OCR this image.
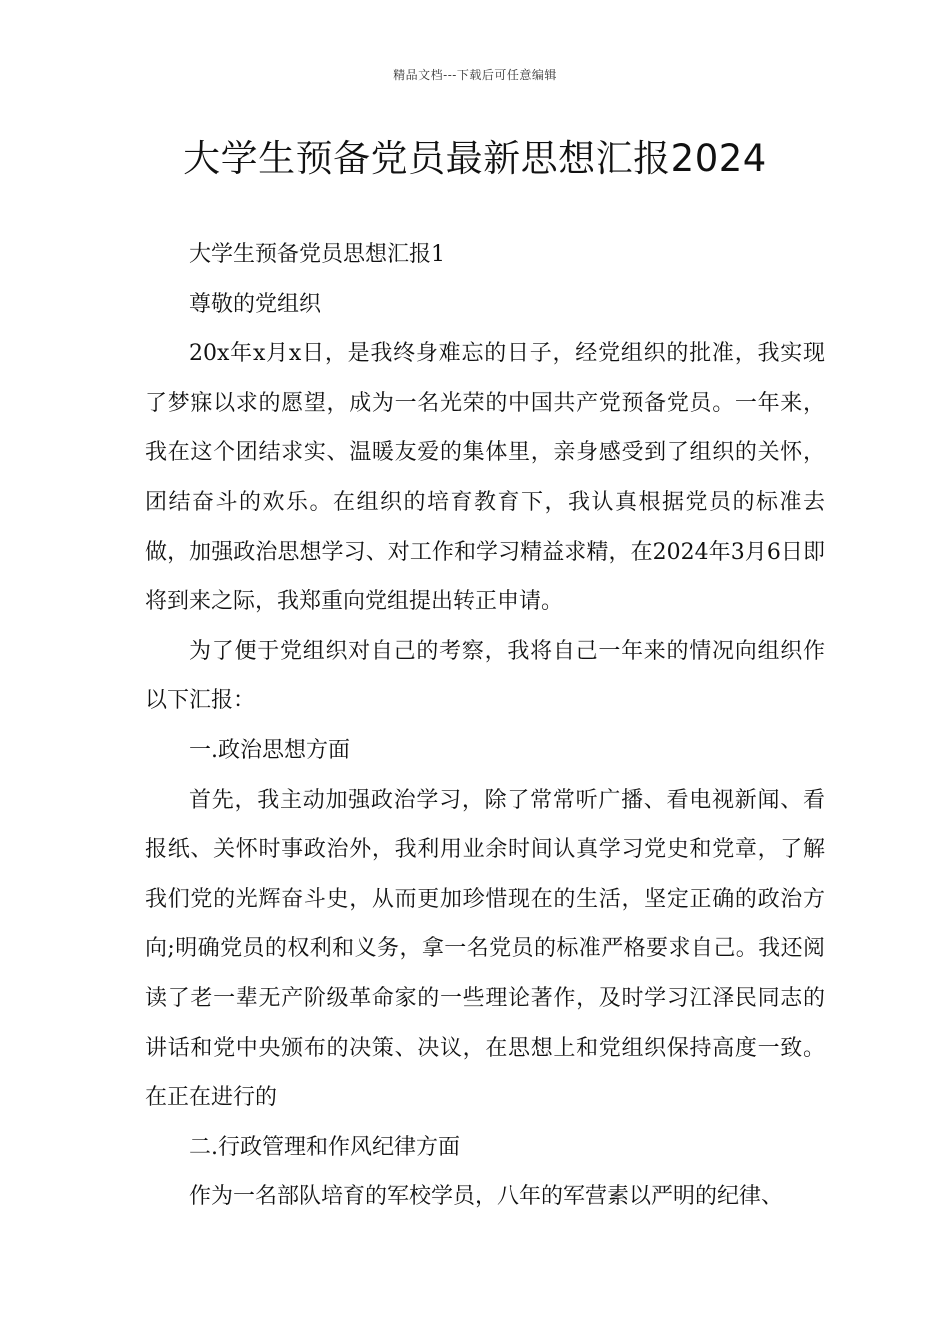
精品文档---下载后可任意编辑
大学生预备党员最新思想汇报2024

大学生预备党员思想汇报1

尊敬的党组织

20x年x月x日，是我终身难忘的日子，经党组织的批准，我实现了梦寐以求的愿望，成为一名光荣的中国共产党预备党员。一年来，我在这个团结求实、温暖友爱的集体里，亲身感受到了组织的关怀，团结奋斗的欢乐。在组织的培育教育下，我认真根据党员的标准去做，加强政治思想学习、对工作和学习精益求精，在2024年3月6日即将到来之际，我郑重向党组提出转正申请。

为了便于党组织对自己的考察，我将自己一年来的情况向组织作以下汇报：

一.政治思想方面

首先，我主动加强政治学习，除了常常听广播、看电视新闻、看报纸、关怀时事政治外，我利用业余时间认真学习党史和党章，了解我们党的光辉奋斗史，从而更加珍惜现在的生活，坚定正确的政治方向;明确党员的权利和义务，拿一名党员的标准严格要求自己。我还阅读了老一辈无产阶级革命家的一些理论著作，及时学习江泽民同志的讲话和党中央颁布的决策、决议，在思想上和党组织保持高度一致。在正在进行的

二.行政管理和作风纪律方面

作为一名部队培育的军校学员，八年的军营素以严明的纪律、
